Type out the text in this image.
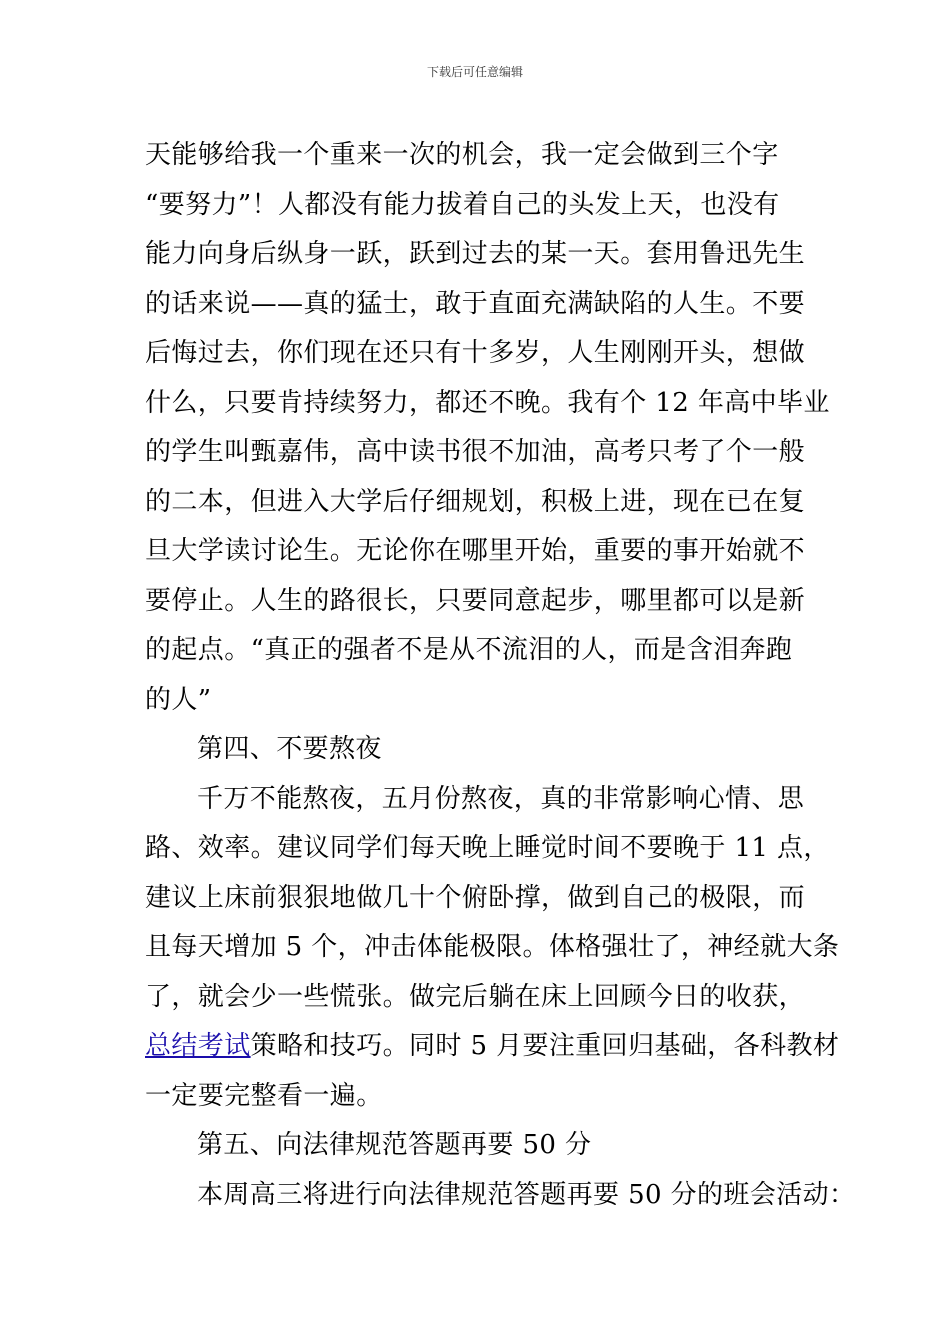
下载后可任意编辑
天能够给我一个重来一次的机会，我一定会做到三个字
“要努力”！人都没有能力拔着自己的头发上天，也没有
能力向身后纵身一跃，跃到过去的某一天。套用鲁迅先生
的话来说——真的猛士，敢于直面充满缺陷的人生。不要
后悔过去，你们现在还只有十多岁，人生刚刚开头，想做
什么，只要肯持续努力，都还不晚。我有个 12 年高中毕业
的学生叫甄嘉伟，高中读书很不加油，高考只考了个一般
的二本，但进入大学后仔细规划，积极上进，现在已在复
旦大学读讨论生。无论你在哪里开始，重要的事开始就不
要停止。人生的路很长，只要同意起步，哪里都可以是新
的起点。“真正的强者不是从不流泪的人，而是含泪奔跑
的人”
第四、不要熬夜
千万不能熬夜，五月份熬夜，真的非常影响心情、思
路、效率。建议同学们每天晚上睡觉时间不要晚于 11 点，
建议上床前狠狠地做几十个俯卧撑，做到自己的极限，而
且每天增加 5 个，冲击体能极限。体格强壮了，神经就大条
了，就会少一些慌张。做完后躺在床上回顾今日的收获，
总结考试策略和技巧。同时 5 月要注重回归基础，各科教材
一定要完整看一遍。
第五、向法律规范答题再要 50 分
本周高三将进行向法律规范答题再要 50 分的班会活动：
